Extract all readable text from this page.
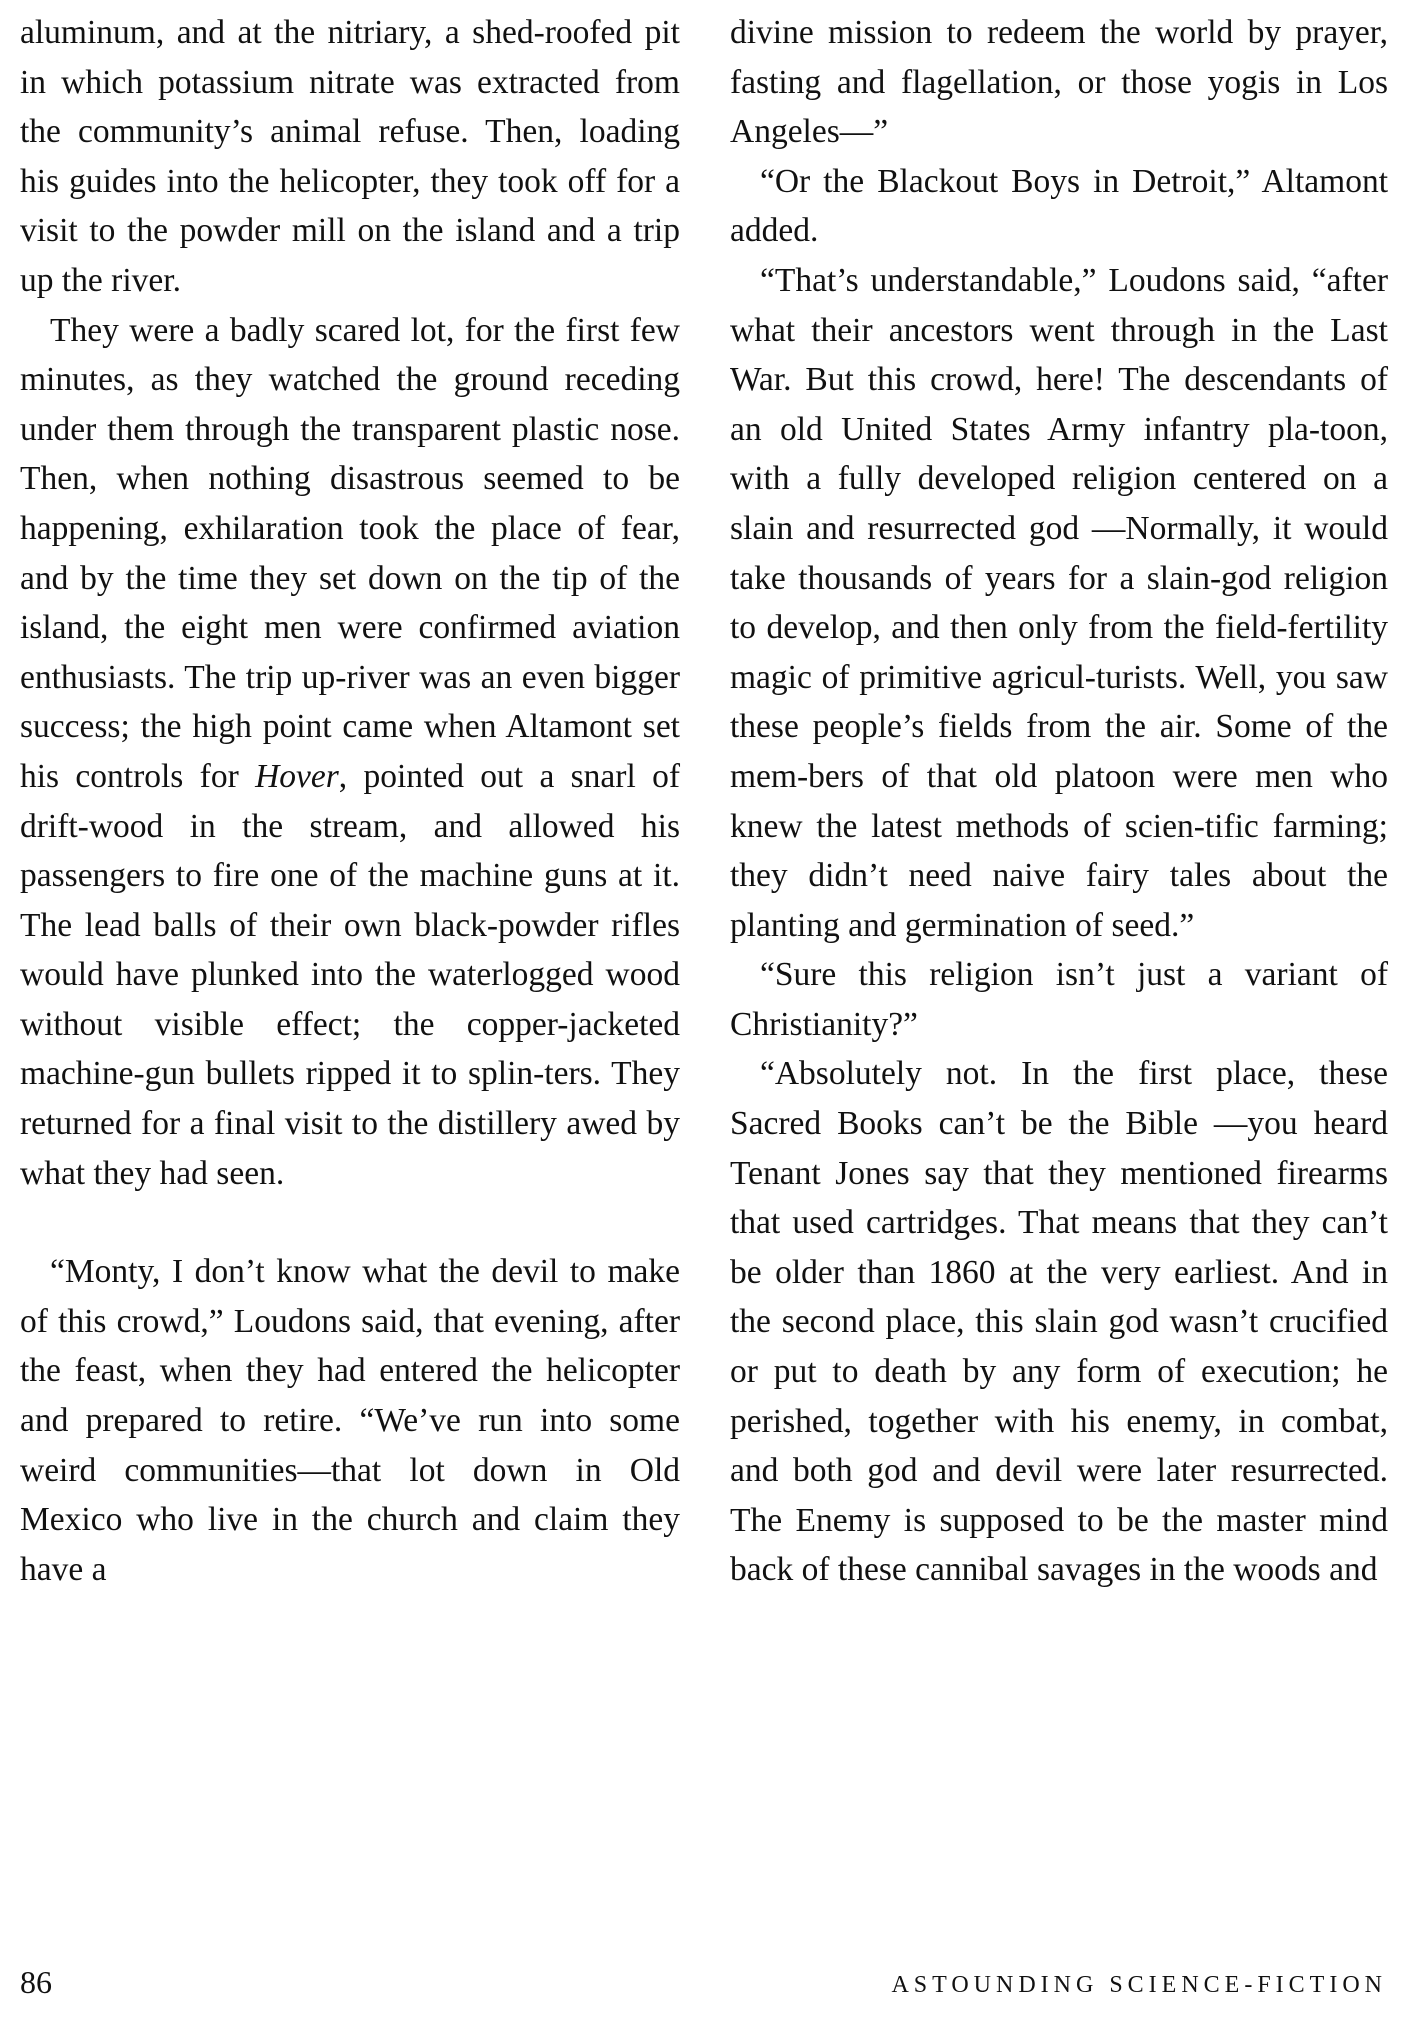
aluminum, and at the nitriary, a shed-roofed pit in which potassium nitrate was extracted from the community’s animal refuse. Then, loading his guides into the helicopter, they took off for a visit to the powder mill on the island and a trip up the river.

They were a badly scared lot, for the first few minutes, as they watched the ground receding under them through the transparent plastic nose. Then, when nothing disastrous seemed to be happening, exhilaration took the place of fear, and by the time they set down on the tip of the island, the eight men were confirmed aviation enthusiasts. The trip up-river was an even bigger success; the high point came when Altamont set his controls for Hover, pointed out a snarl of drift-wood in the stream, and allowed his passengers to fire one of the machine guns at it. The lead balls of their own black-powder rifles would have plunked into the waterlogged wood without visible effect; the copper-jacketed machine-gun bullets ripped it to splin-ters. They returned for a final visit to the distillery awed by what they had seen.

“Monty, I don’t know what the devil to make of this crowd,” Loudons said, that evening, after the feast, when they had entered the helicopter and prepared to retire. “We’ve run into some weird communities—that lot down in Old Mexico who live in the church and claim they have a

divine mission to redeem the world by prayer, fasting and flagellation, or those yogis in Los Angeles—”

“Or the Blackout Boys in Detroit,” Altamont added.

“That’s understandable,” Loudons said, “after what their ancestors went through in the Last War. But this crowd, here! The descendants of an old United States Army infantry pla-toon, with a fully developed religion centered on a slain and resurrected god —Normally, it would take thousands of years for a slain-god religion to develop, and then only from the field-fertility magic of primitive agricul-turists. Well, you saw these people’s fields from the air. Some of the mem-bers of that old platoon were men who knew the latest methods of scien-tific farming; they didn’t need naive fairy tales about the planting and germination of seed.”

“Sure this religion isn’t just a variant of Christianity?”

“Absolutely not. In the first place, these Sacred Books can’t be the Bible —you heard Tenant Jones say that they mentioned firearms that used cartridges. That means that they can’t be older than 1860 at the very earliest. And in the second place, this slain god wasn’t crucified or put to death by any form of execution; he perished, together with his enemy, in combat, and both god and devil were later resurrected. The Enemy is supposed to be the master mind back of these cannibal savages in the woods and

86	ASTOUNDING SCIENCE-FICTION
